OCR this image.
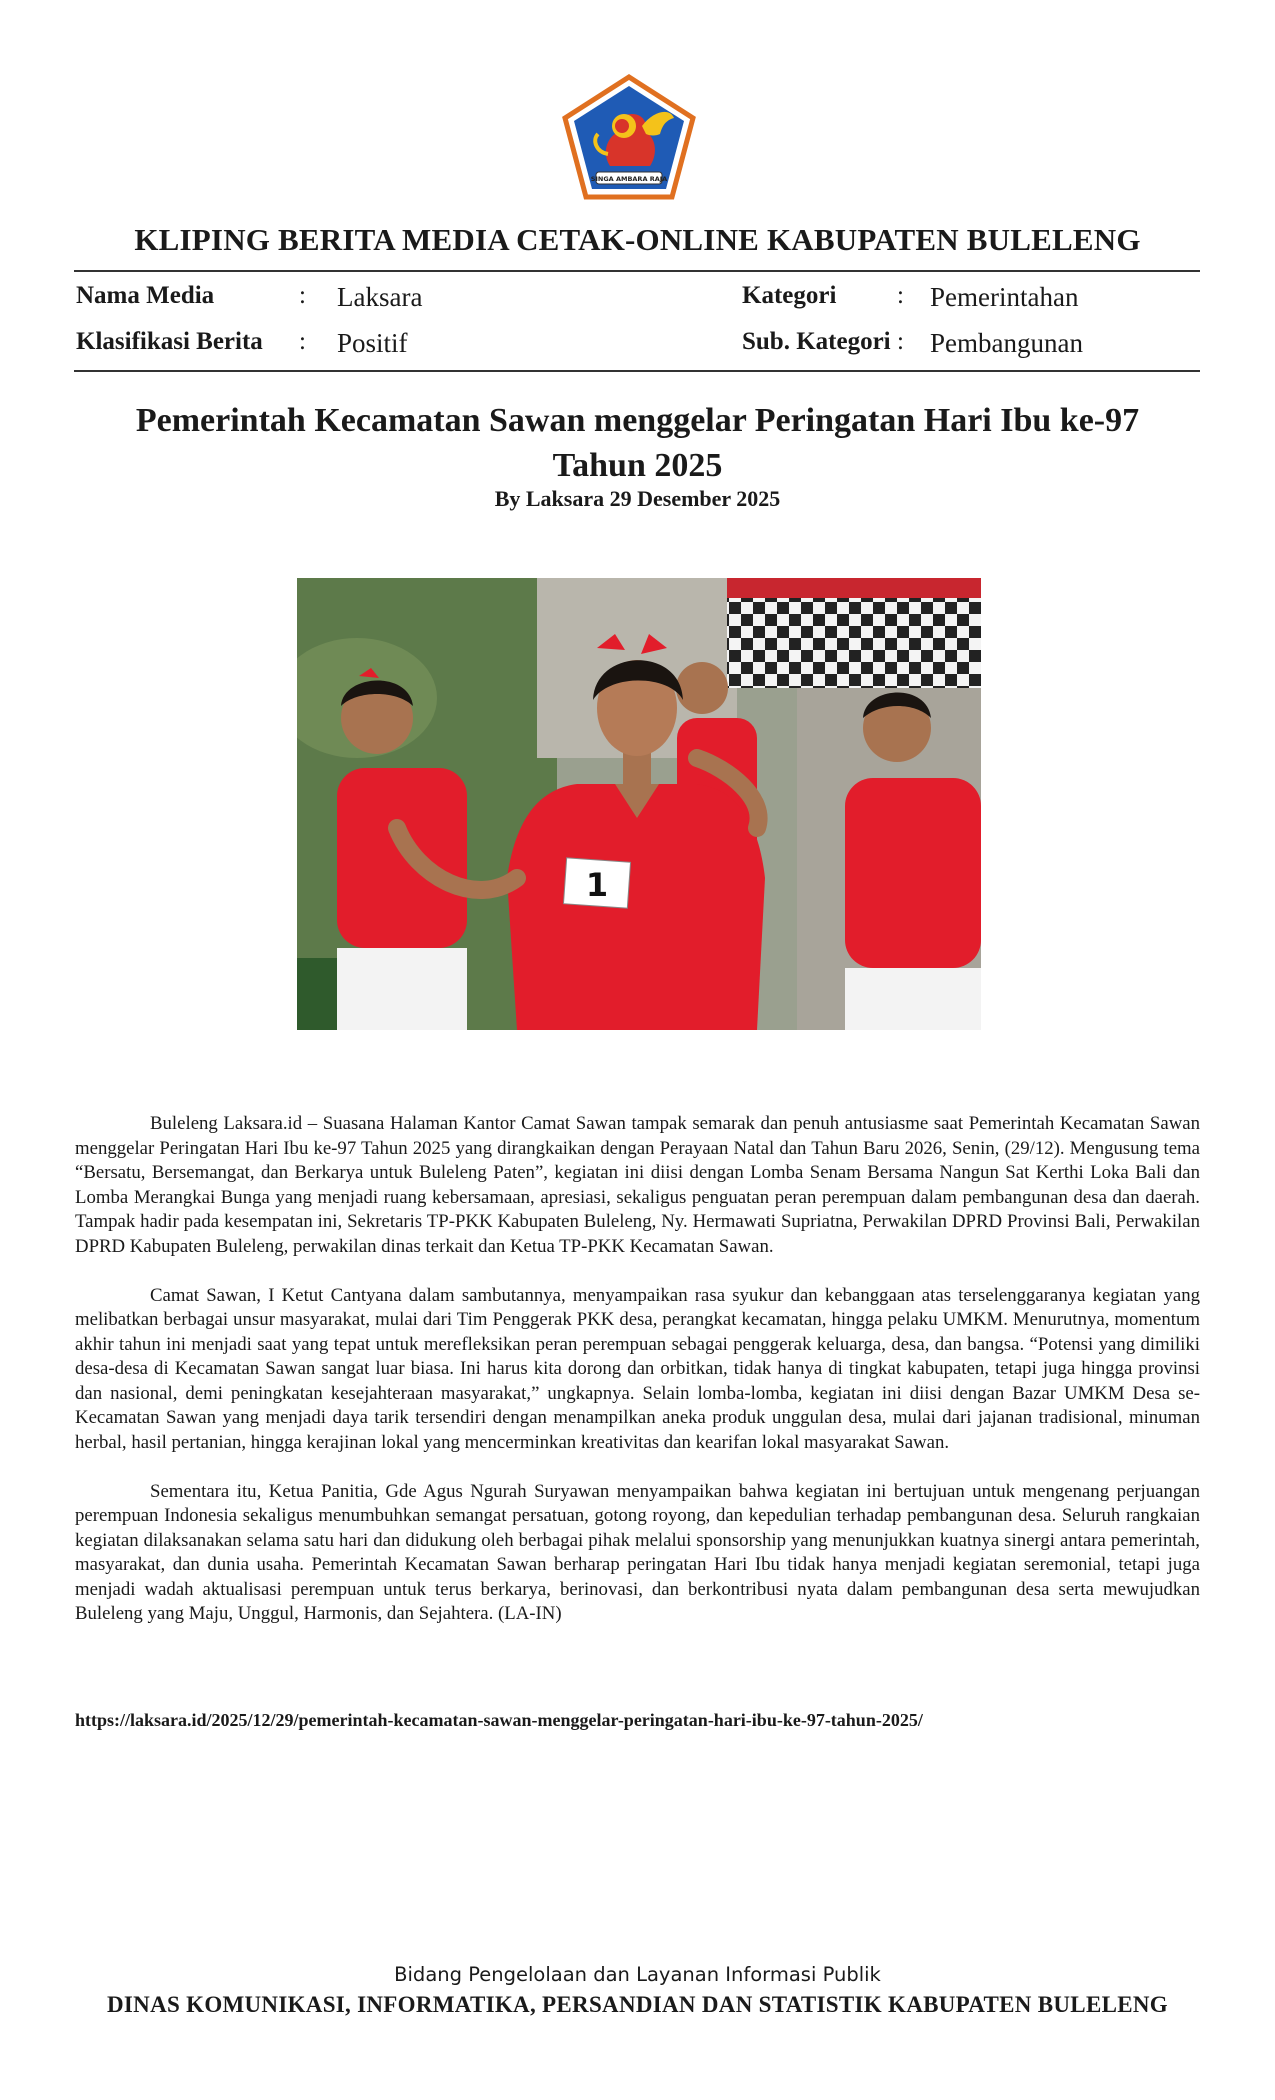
SINGA AMBARA RAJA
KLIPING BERITA MEDIA CETAK-ONLINE KABUPATEN BULELENG
Nama Media	: Laksara
Klasifikasi Berita : Positif
Kategori : Pemerintahan
Sub. Kategori : Pembangunan
Pemerintah Kecamatan Sawan menggelar Peringatan Hari Ibu ke-97 Tahun 2025
By Laksara 29 Desember 2025
1

Buleleng Laksara.id – Suasana Halaman Kantor Camat Sawan tampak semarak dan penuh antusiasme saat Pemerintah Kecamatan Sawan menggelar Peringatan Hari Ibu ke-97 Tahun 2025 yang dirangkaikan dengan Perayaan Natal dan Tahun Baru 2026, Senin, (29/12). Mengusung tema “Bersatu, Bersemangat, dan Berkarya untuk Buleleng Paten”, kegiatan ini diisi dengan Lomba Senam Bersama Nangun Sat Kerthi Loka Bali dan Lomba Merangkai Bunga yang menjadi ruang kebersamaan, apresiasi, sekaligus penguatan peran perempuan dalam pembangunan desa dan daerah. Tampak hadir pada kesempatan ini, Sekretaris TP-PKK Kabupaten Buleleng, Ny. Hermawati Supriatna, Perwakilan DPRD Provinsi Bali, Perwakilan DPRD Kabupaten Buleleng, perwakilan dinas terkait dan Ketua TP-PKK Kecamatan Sawan.

Camat Sawan, I Ketut Cantyana dalam sambutannya, menyampaikan rasa syukur dan kebanggaan atas terselenggaranya kegiatan yang melibatkan berbagai unsur masyarakat, mulai dari Tim Penggerak PKK desa, perangkat kecamatan, hingga pelaku UMKM. Menurutnya, momentum akhir tahun ini menjadi saat yang tepat untuk merefleksikan peran perempuan sebagai penggerak keluarga, desa, dan bangsa. “Potensi yang dimiliki desa-desa di Kecamatan Sawan sangat luar biasa. Ini harus kita dorong dan orbitkan, tidak hanya di tingkat kabupaten, tetapi juga hingga provinsi dan nasional, demi peningkatan kesejahteraan masyarakat,” ungkapnya. Selain lomba-lomba, kegiatan ini diisi dengan Bazar UMKM Desa se-Kecamatan Sawan yang menjadi daya tarik tersendiri dengan menampilkan aneka produk unggulan desa, mulai dari jajanan tradisional, minuman herbal, hasil pertanian, hingga kerajinan lokal yang mencerminkan kreativitas dan kearifan lokal masyarakat Sawan.

Sementara itu, Ketua Panitia, Gde Agus Ngurah Suryawan menyampaikan bahwa kegiatan ini bertujuan untuk mengenang perjuangan perempuan Indonesia sekaligus menumbuhkan semangat persatuan, gotong royong, dan kepedulian terhadap pembangunan desa. Seluruh rangkaian kegiatan dilaksanakan selama satu hari dan didukung oleh berbagai pihak melalui sponsorship yang menunjukkan kuatnya sinergi antara pemerintah, masyarakat, dan dunia usaha. Pemerintah Kecamatan Sawan berharap peringatan Hari Ibu tidak hanya menjadi kegiatan seremonial, tetapi juga menjadi wadah aktualisasi perempuan untuk terus berkarya, berinovasi, dan berkontribusi nyata dalam pembangunan desa serta mewujudkan Buleleng yang Maju, Unggul, Harmonis, dan Sejahtera. (LA-IN)

https://laksara.id/2025/12/29/pemerintah-kecamatan-sawan-menggelar-peringatan-hari-ibu-ke-97-tahun-2025/
Bidang Pengelolaan dan Layanan Informasi Publik
DINAS KOMUNIKASI, INFORMATIKA, PERSANDIAN DAN STATISTIK KABUPATEN BULELENG
